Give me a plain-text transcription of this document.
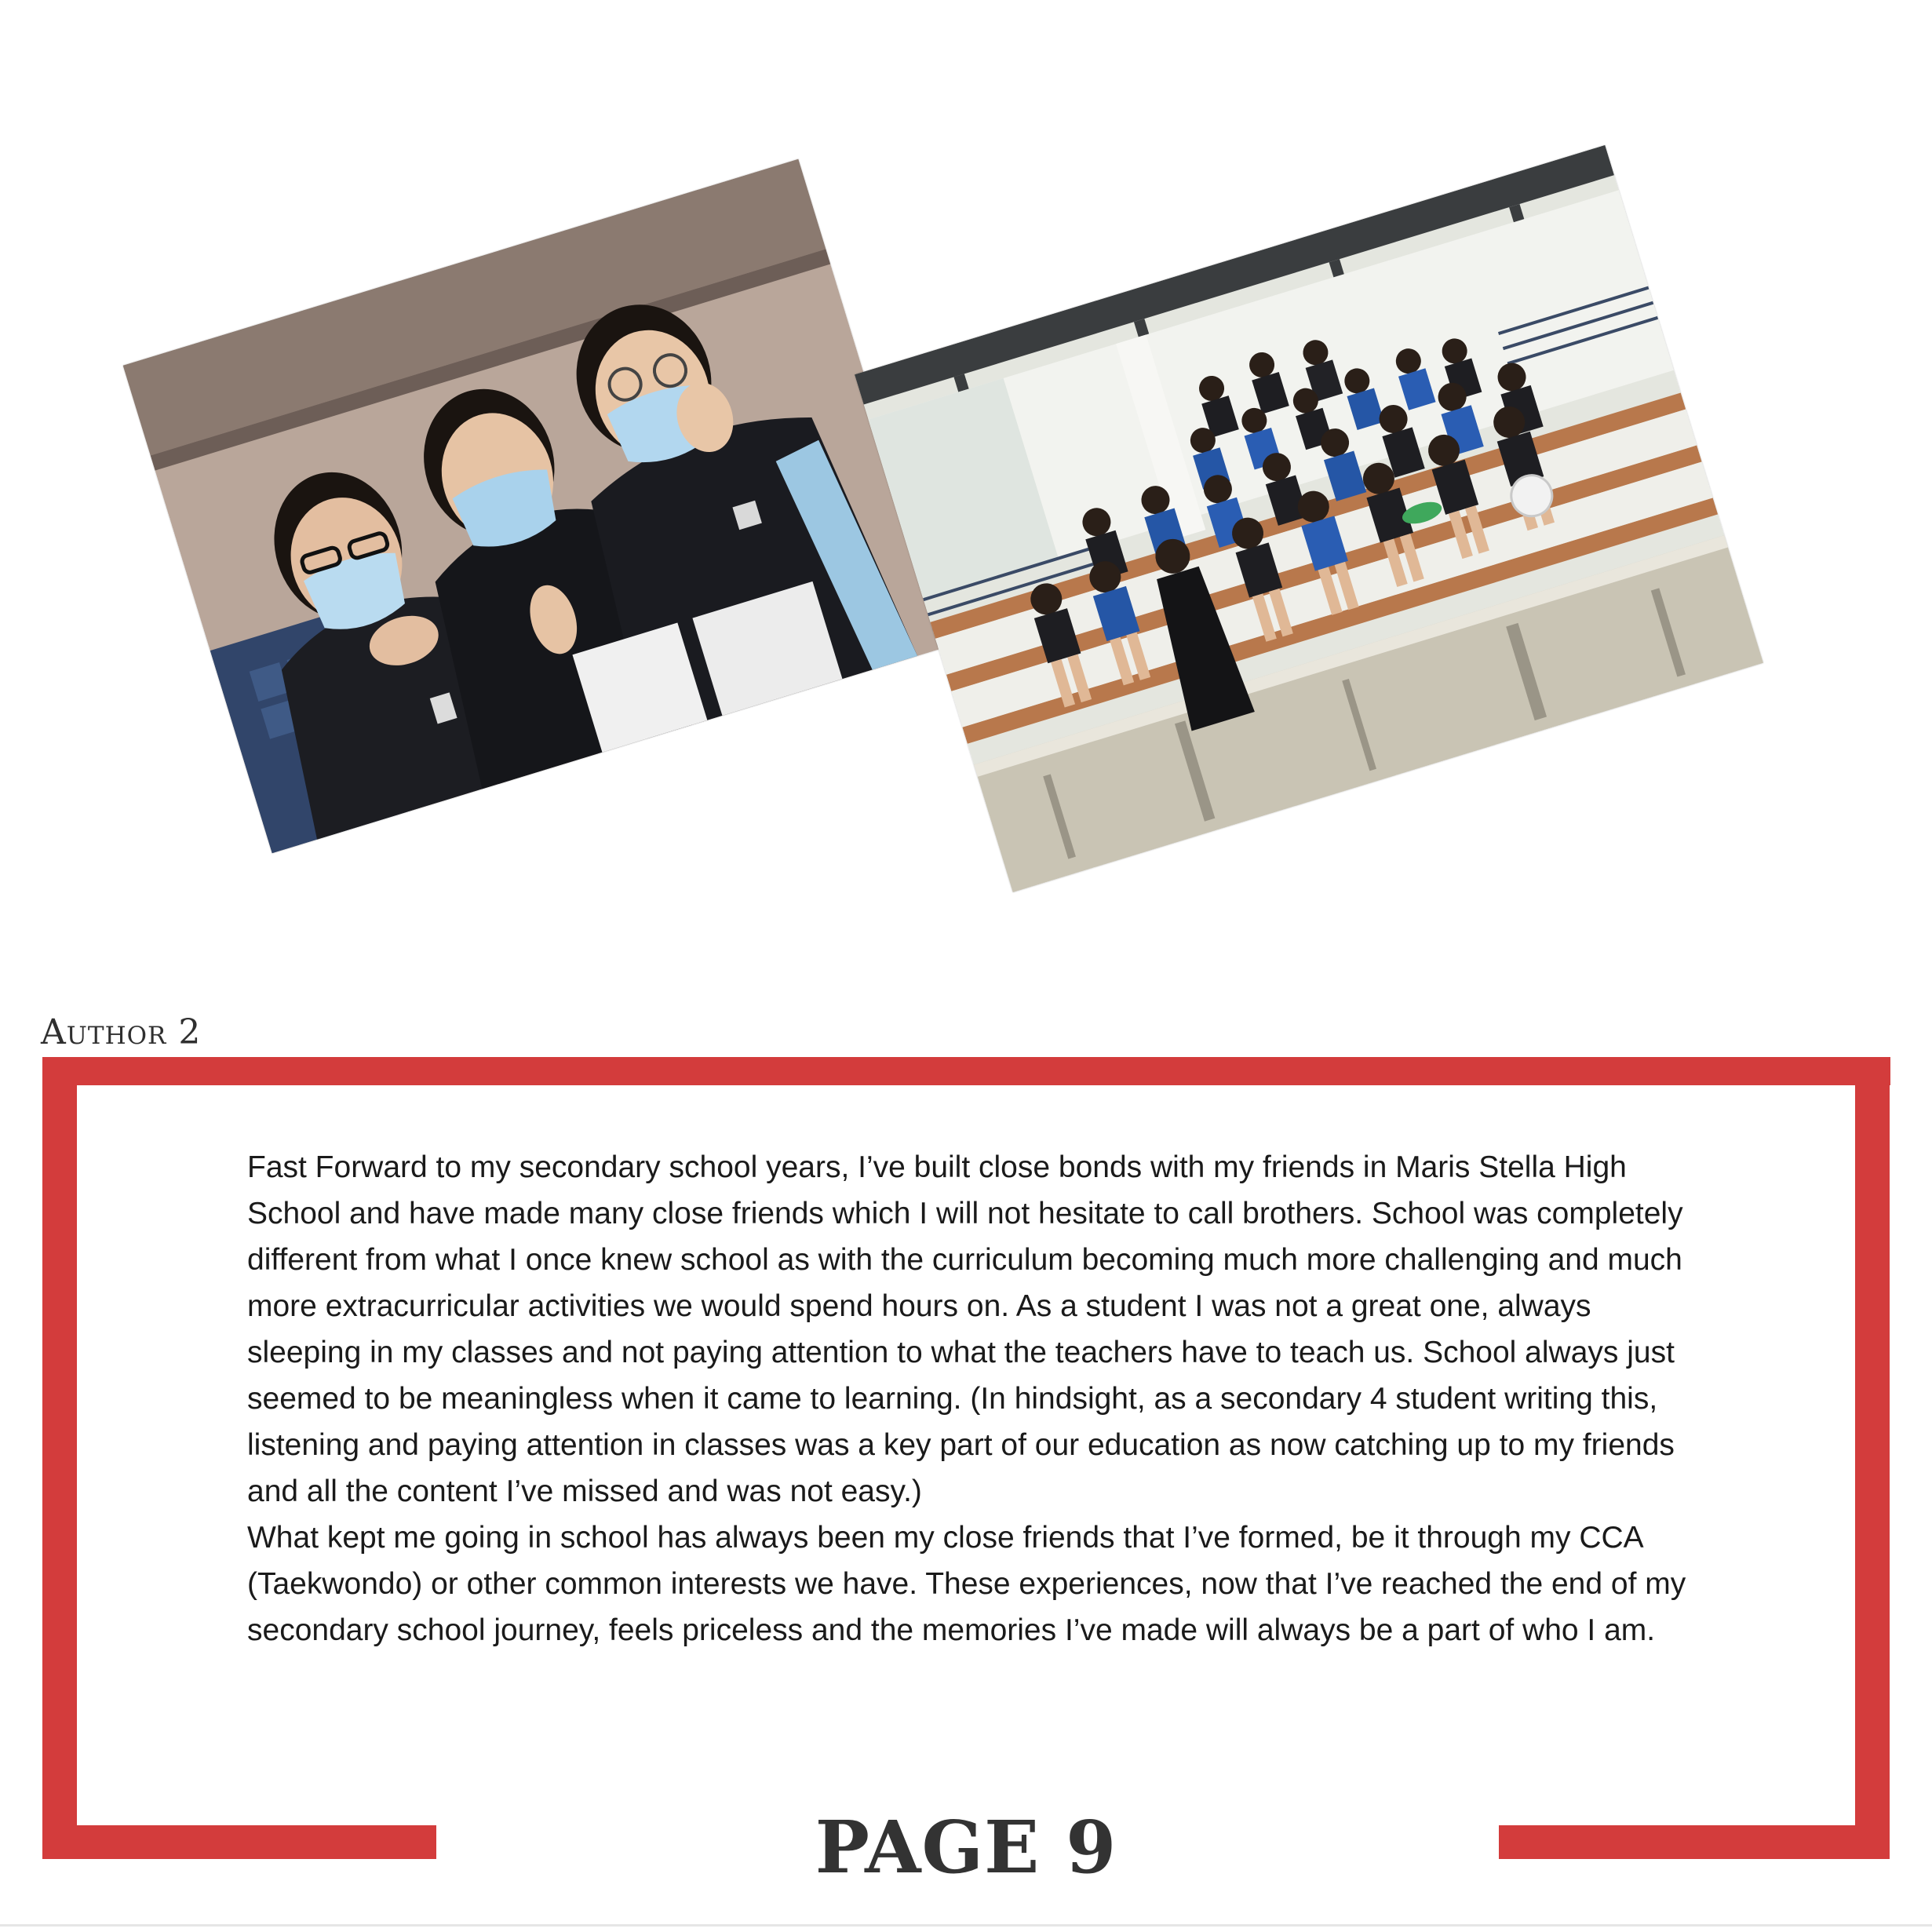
Author 2

Fast Forward to my secondary school years, I’ve built close bonds with my friends in Maris Stella High School and have made many close friends which I will not hesitate to call brothers. School was completely different from what I once knew school as with the curriculum becoming much more challenging and much more extracurricular activities we would spend hours on. As a student I was not a great one, always sleeping in my classes and not paying attention to what the teachers have to teach us. School always just seemed to be meaningless when it came to learning. (In hindsight, as a secondary 4 student writing this, listening and paying attention in classes was a key part of our education as now catching up to my friends and all the content I’ve missed and was not easy.)

What kept me going in school has always been my close friends that I’ve formed, be it through my CCA (Taekwondo) or other common interests we have. These experiences, now that I’ve reached the end of my secondary school journey, feels priceless and the memories I’ve made will always be a part of who I am.

PAGE 9
